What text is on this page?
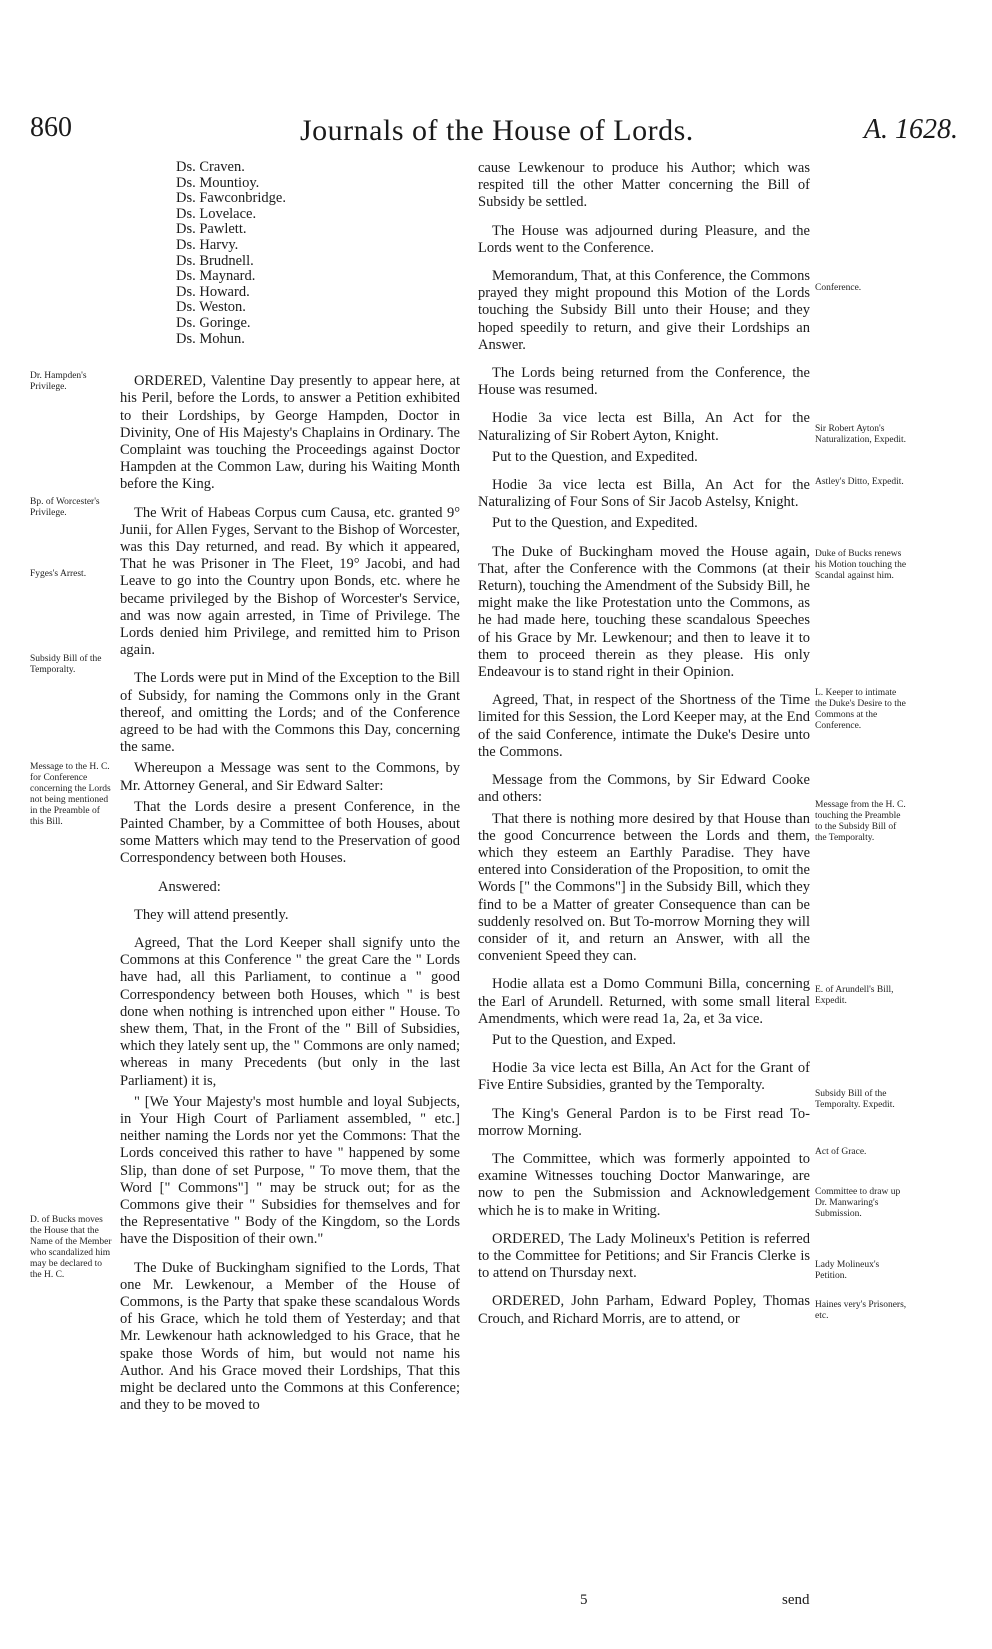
860	Journals of the House of Lords.	A. 1628.
Ds. Craven.
Ds. Mountioy.
Ds. Fawconbridge.
Ds. Lovelace.
Ds. Pawlett.
Ds. Harvy.
Ds. Brudnell.
Ds. Maynard.
Ds. Howard.
Ds. Weston.
Ds. Goringe.
Ds. Mohun.

ORDERED, Valentine Day presently to appear here, at his Peril, before the Lords, to answer a Petition exhibited to their Lordships, by George Hampden, Doctor in Divinity, One of His Majesty's Chaplains in Ordinary. The Complaint was touching the Proceedings against Doctor Hampden at the Common Law, during his Waiting Month before the King.

The Writ of Habeas Corpus cum Causa, etc. granted 9° Junii, for Allen Fyges, Servant to the Bishop of Worcester, was this Day returned, and read. By which it appeared, That he was Prisoner in The Fleet, 19° Jacobi, and had Leave to go into the Country upon Bonds, etc. where he became privileged by the Bishop of Worcester's Service, and was now again arrested, in Time of Privilege. The Lords denied him Privilege, and remitted him to Prison again.

The Lords were put in Mind of the Exception to the Bill of Subsidy, for naming the Commons only in the Grant thereof, and omitting the Lords; and of the Conference agreed to be had with the Commons this Day, concerning the same.

Whereupon a Message was sent to the Commons, by Mr. Attorney General, and Sir Edward Salter:

That the Lords desire a present Conference, in the Painted Chamber, by a Committee of both Houses, about some Matters which may tend to the Preservation of good Correspondency between both Houses.

Answered:

They will attend presently.

Agreed, That the Lord Keeper shall signify unto the Commons at this Conference " the great Care the " Lords have had, all this Parliament, to continue a " good Correspondency between both Houses, which " is best done when nothing is intrenched upon either " House. To shew them, That, in the Front of the " Bill of Subsidies, which they lately sent up, the " Commons are only named; whereas in many Precedents (but only in the last Parliament) it is,

" [We Your Majesty's most humble and loyal Subjects, in Your High Court of Parliament assembled, " etc.] neither naming the Lords nor yet the Commons: That the Lords conceived this rather to have " happened by some Slip, than done of set Purpose, " To move them, that the Word [" Commons"] " may be struck out; for as the Commons give their " Subsidies for themselves and for the Representative " Body of the Kingdom, so the Lords have the Disposition of their own."

The Duke of Buckingham signified to the Lords, That one Mr. Lewkenour, a Member of the House of Commons, is the Party that spake these scandalous Words of his Grace, which he told them of Yesterday; and that Mr. Lewkenour hath acknowledged to his Grace, that he spake those Words of him, but would not name his Author. And his Grace moved their Lordships, That this might be declared unto the Commons at this Conference; and they to be moved to

cause Lewkenour to produce his Author; which was respited till the other Matter concerning the Bill of Subsidy be settled.

The House was adjourned during Pleasure, and the Lords went to the Conference.

Memorandum, That, at this Conference, the Commons prayed they might propound this Motion of the Lords touching the Subsidy Bill unto their House; and they hoped speedily to return, and give their Lordships an Answer.

The Lords being returned from the Conference, the House was resumed.

Hodie 3a vice lecta est Billa, An Act for the Naturalizing of Sir Robert Ayton, Knight.

Put to the Question, and Expedited.

Hodie 3a vice lecta est Billa, An Act for the Naturalizing of Four Sons of Sir Jacob Astelsy, Knight.

Put to the Question, and Expedited.

The Duke of Buckingham moved the House again, That, after the Conference with the Commons (at their Return), touching the Amendment of the Subsidy Bill, he might make the like Protestation unto the Commons, as he had made here, touching these scandalous Speeches of his Grace by Mr. Lewkenour; and then to leave it to them to proceed therein as they please. His only Endeavour is to stand right in their Opinion.

Agreed, That, in respect of the Shortness of the Time limited for this Session, the Lord Keeper may, at the End of the said Conference, intimate the Duke's Desire unto the Commons.

Message from the Commons, by Sir Edward Cooke and others:

That there is nothing more desired by that House than the good Concurrence between the Lords and them, which they esteem an Earthly Paradise. They have entered into Consideration of the Proposition, to omit the Words [" the Commons"] in the Subsidy Bill, which they find to be a Matter of greater Consequence than can be suddenly resolved on. But To-morrow Morning they will consider of it, and return an Answer, with all the convenient Speed they can.

Hodie allata est a Domo Communi Billa, concerning the Earl of Arundell. Returned, with some small literal Amendments, which were read 1a, 2a, et 3a vice.

Put to the Question, and Exped.

Hodie 3a vice lecta est Billa, An Act for the Grant of Five Entire Subsidies, granted by the Temporalty.

The King's General Pardon is to be First read To-morrow Morning.

The Committee, which was formerly appointed to examine Witnesses touching Doctor Manwaringe, are now to pen the Submission and Acknowledgement which he is to make in Writing.

ORDERED, The Lady Molineux's Petition is referred to the Committee for Petitions; and Sir Francis Clerke is to attend on Thursday next.

ORDERED, John Parham, Edward Popley, Thomas Crouch, and Richard Morris, are to attend, or

Dr. Hampden's Privilege.
Bp. of Worcester's Privilege.
Fyges's Arrest.
Subsidy Bill of the Temporalty.
Message to the H. C. for Conference concerning the Lords not being mentioned in the Preamble of this Bill.
D. of Bucks moves the House that the Name of the Member who scandalized him may be declared to the H. C.
Conference.
Sir Robert Ayton's Naturalization, Expedit.
Astley's Ditto, Expedit.
Duke of Bucks renews his Motion touching the Scandal against him.
L. Keeper to intimate the Duke's Desire to the Commons at the Conference.
Message from the H. C. touching the Preamble to the Subsidy Bill of the Temporalty.
E. of Arundell's Bill, Expedit.
Subsidy Bill of the Temporalty. Expedit.
Act of Grace.
Committee to draw up Dr. Manwaring's Submission.
Lady Molineux's Petition.
Haines very's Prisoners, etc.
5	send
